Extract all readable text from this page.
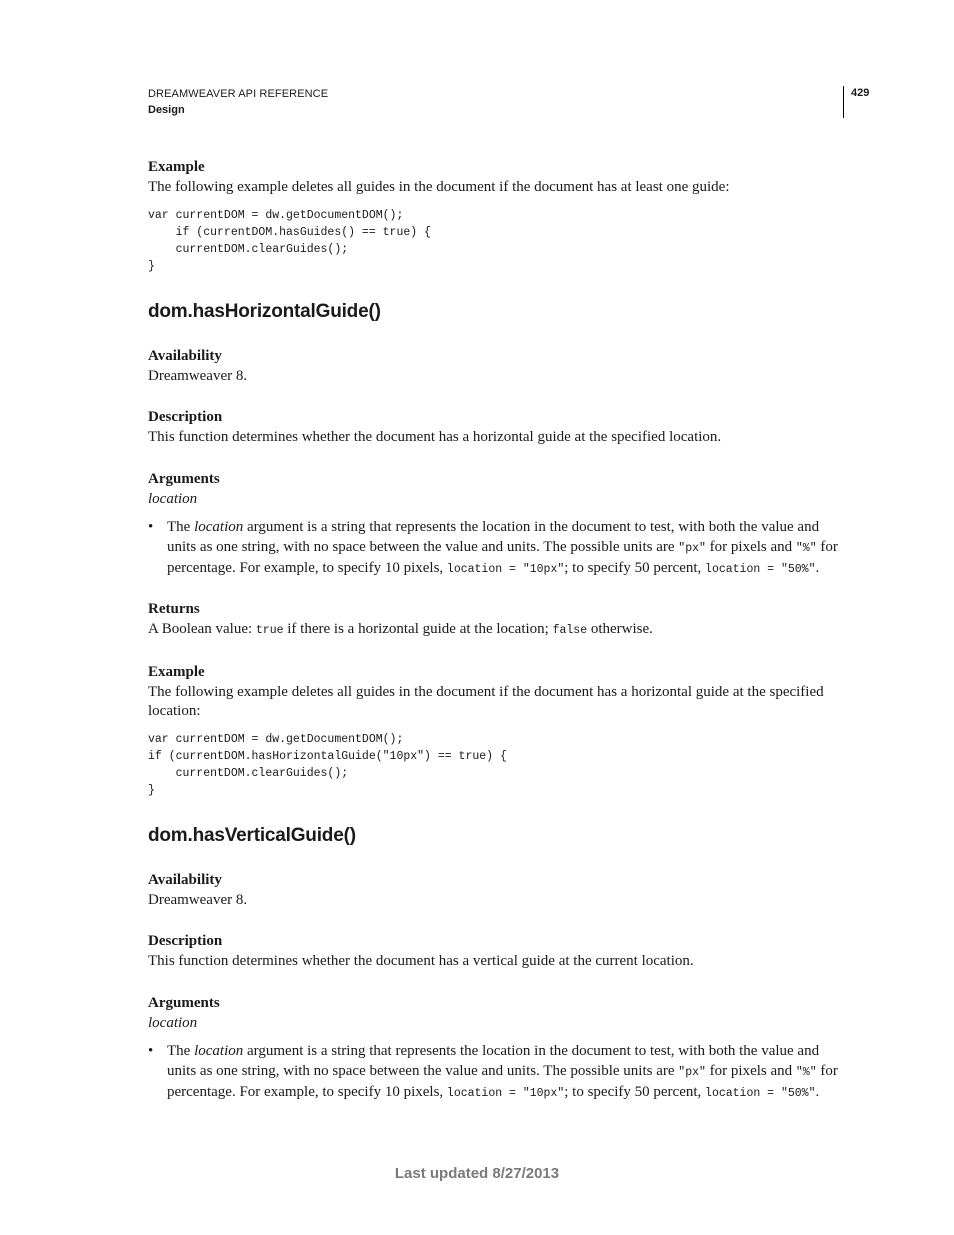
DREAMWEAVER API REFERENCE
Design
429

Example

The following example deletes all guides in the document if the document has at least one guide:

var currentDOM = dw.getDocumentDOM();
if (currentDOM.hasGuides() == true) {
currentDOM.clearGuides();
}
dom.hasHorizontalGuide()

Availability

Dreamweaver 8.

Description

This function determines whether the document has a horizontal guide at the specified location.

Arguments

location

• The location argument is a string that represents the location in the document to test, with both the value and units as one string, with no space between the value and units. The possible units are "px" for pixels and "%" for percentage. For example, to specify 10 pixels, location = "10px"; to specify 50 percent, location = "50%".

Returns

A Boolean value: true if there is a horizontal guide at the location; false otherwise.

Example

The following example deletes all guides in the document if the document has a horizontal guide at the specified location:

var currentDOM = dw.getDocumentDOM();
if (currentDOM.hasHorizontalGuide("10px") == true) {
currentDOM.clearGuides();
}
dom.hasVerticalGuide()

Availability

Dreamweaver 8.

Description

This function determines whether the document has a vertical guide at the current location.

Arguments

location

• The location argument is a string that represents the location in the document to test, with both the value and units as one string, with no space between the value and units. The possible units are "px" for pixels and "%" for percentage. For example, to specify 10 pixels, location = "10px"; to specify 50 percent, location = "50%".
Last updated 8/27/2013
